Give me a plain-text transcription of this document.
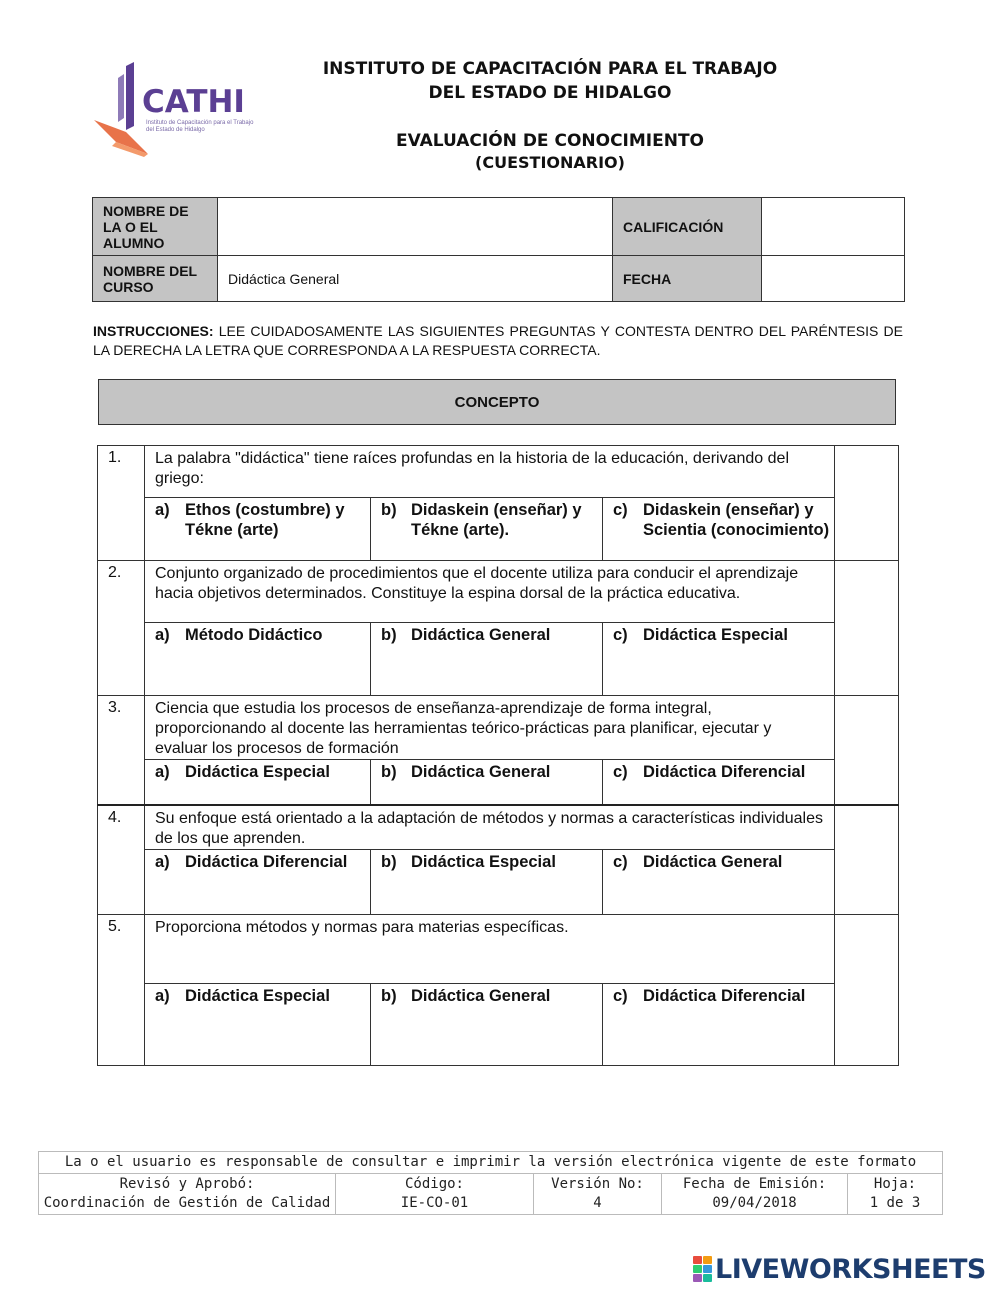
CATHI
Instituto de Capacitación para el Trabajo del Estado de Hidalgo
INSTITUTO DE CAPACITACIÓN PARA EL TRABAJO
DEL ESTADO DE HIDALGO
EVALUACIÓN DE CONOCIMIENTO
(CUESTIONARIO)
NOMBRE DE LA O EL ALUMNO		CALIFICACIÓN	
NOMBRE DEL CURSO	Didáctica General	FECHA	
INSTRUCCIONES: LEE CUIDADOSAMENTE LAS SIGUIENTES PREGUNTAS Y CONTESTA DENTRO DEL PARÉNTESIS DE LA DERECHA LA LETRA QUE CORRESPONDA A LA RESPUESTA CORRECTA.
CONCEPTO
1.	La palabra "didáctica" tiene raíces profundas en la historia de la educación, derivando del griego:			

	a) Ethos (costumbre) y Tékne (arte)	b) Didaskein (enseñar) y Tékne (arte).	c) Didaskein (enseñar) y Scientia (conocimiento)	

2.	Conjunto organizado de procedimientos que el docente utiliza para conducir el aprendizaje hacia objetivos determinados. Constituye la espina dorsal de la práctica educativa.			

	a) Método Didáctico	b) Didáctica General	c) Didáctica Especial	

3.	Ciencia que estudia los procesos de enseñanza-aprendizaje de forma integral, proporcionando al docente las herramientas teórico-prácticas para planificar, ejecutar y evaluar los procesos de formación			

	a) Didáctica Especial	b) Didáctica General	c) Didáctica Diferencial	

4.	Su enfoque está orientado a la adaptación de métodos y normas a características individuales de los que aprenden.			

	a) Didáctica Diferencial	b) Didáctica Especial	c) Didáctica General	

5.	Proporciona métodos y normas para materias específicas.			

	a) Didáctica Especial	b) Didáctica General	c) Didáctica Diferencial	
La o el usuario es responsable de consultar e imprimir la versión electrónica vigente de este formato

Revisó y Aprobó:
Coordinación de Gestión de Calidad

Código:
IE-CO-01

Versión No:
4

Fecha de Emisión:
09/04/2018

Hoja:
1 de 3
LIVEWORKSHEETS
